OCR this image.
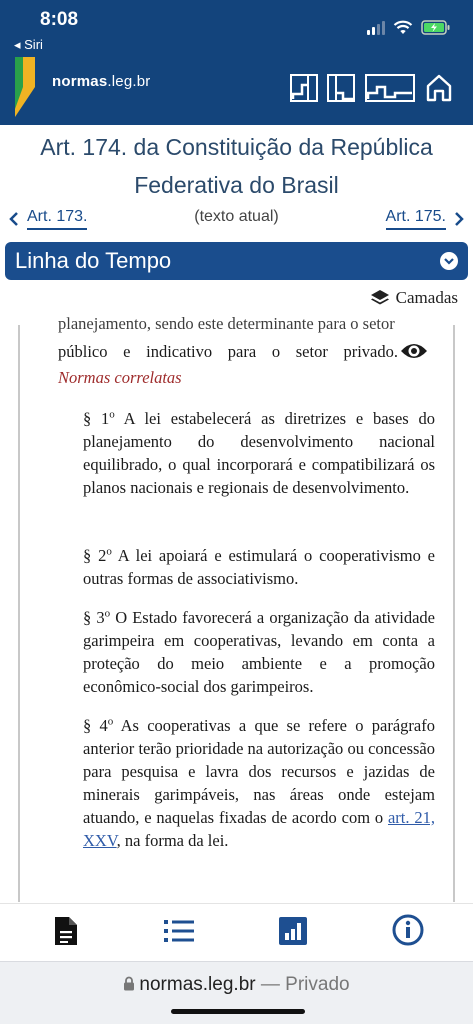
8:08
◂ Siri
normas.leg.br
Art. 174. da Constituição da República Federativa do Brasil
(texto atual)
Art. 173.	Art. 175.
Linha do Tempo
Camadas
planejamento, sendo este determinante para o setor
público e indicativo para o setor privado.
Normas correlatas
§ 1$^o$ A lei estabelecerá as diretrizes e bases do planejamento do desenvolvimento nacional equilibrado, o qual incorporará e compatibilizará os planos nacionais e regionais de desenvolvimento.
§ 2$^o$ A lei apoiará e estimulará o cooperativismo e outras formas de associativismo.
§ 3$^o$ O Estado favorecerá a organização da atividade garimpeira em cooperativas, levando em conta a proteção do meio ambiente e a promoção econômico-social dos garimpeiros.
§ 4$^o$ As cooperativas a que se refere o parágrafo anterior terão prioridade na autorização ou concessão para pesquisa e lavra dos recursos e jazidas de minerais garimpáveis, nas áreas onde estejam atuando, e naquelas fixadas de acordo com o art. 21, XXV, na forma da lei.
normas.leg.br — Privado
